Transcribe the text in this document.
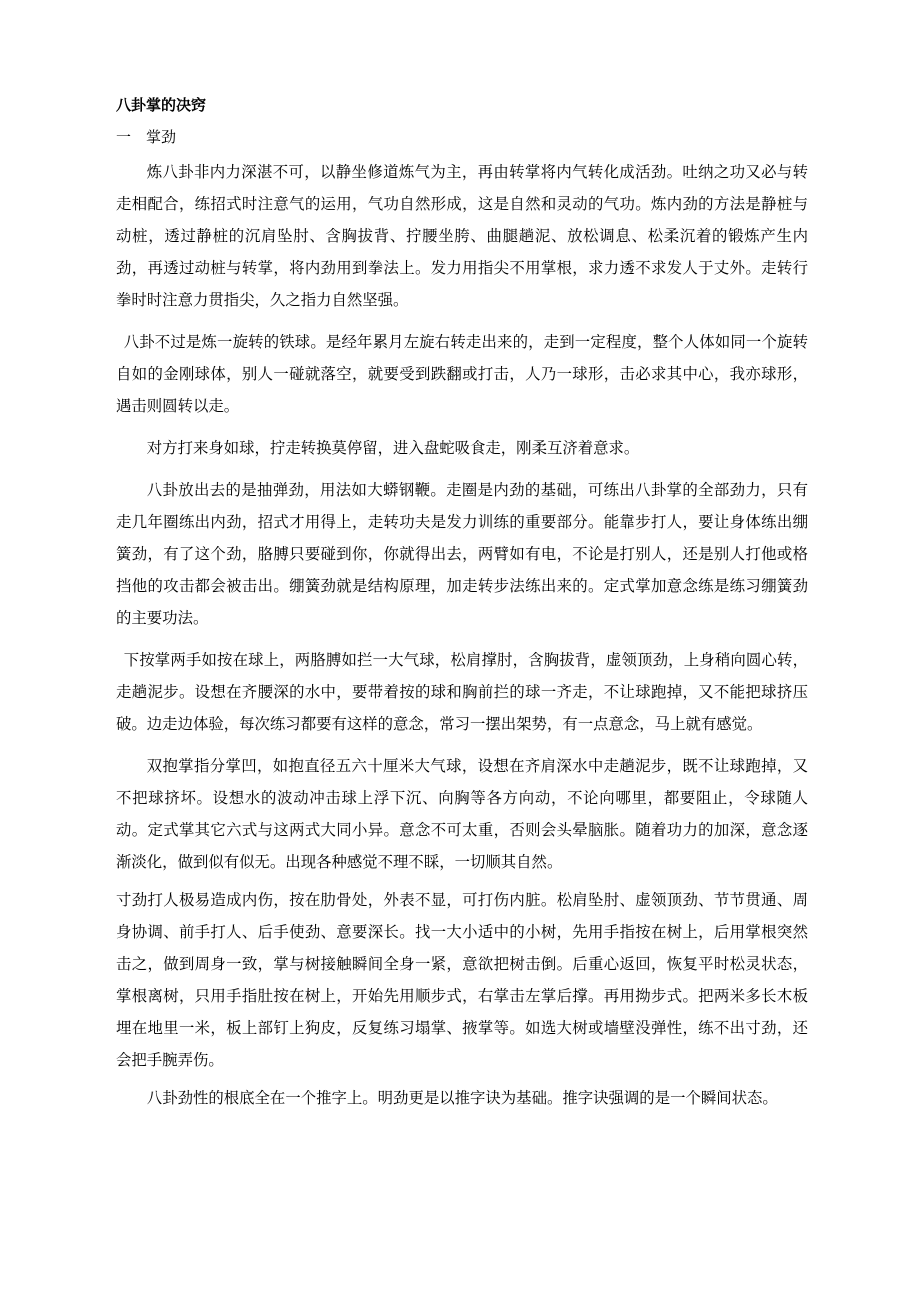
八卦掌的决窍
一　掌劲

炼八卦非内力深湛不可，以静坐修道炼气为主，再由转掌将内气转化成活劲。吐纳之功又必与转走相配合，练招式时注意气的运用，气功自然形成，这是自然和灵动的气功。炼内劲的方法是静桩与动桩，透过静桩的沉肩坠肘、含胸拔背、拧腰坐胯、曲腿趟泥、放松调息、松柔沉着的锻炼产生内劲，再透过动桩与转掌，将内劲用到拳法上。发力用指尖不用掌根，求力透不求发人于丈外。走转行拳时时注意力贯指尖，久之指力自然坚强。

八卦不过是炼一旋转的铁球。是经年累月左旋右转走出来的，走到一定程度，整个人体如同一个旋转自如的金刚球体，别人一碰就落空，就要受到跌翻或打击，人乃一球形，击必求其中心，我亦球形，遇击则圆转以走。

对方打来身如球，拧走转换莫停留，进入盘蛇吸食走，刚柔互济着意求。

八卦放出去的是抽弹劲，用法如大蟒钢鞭。走圈是内劲的基础，可练出八卦掌的全部劲力，只有走几年圈练出内劲，招式才用得上，走转功夫是发力训练的重要部分。能靠步打人，要让身体练出绷簧劲，有了这个劲，胳膊只要碰到你，你就得出去，两臂如有电，不论是打别人，还是别人打他或格挡他的攻击都会被击出。绷簧劲就是结构原理，加走转步法练出来的。定式掌加意念练是练习绷簧劲的主要功法。

下按掌两手如按在球上，两胳膊如拦一大气球，松肩撑肘，含胸拔背，虚领顶劲，上身稍向圆心转，走趟泥步。设想在齐腰深的水中，要带着按的球和胸前拦的球一齐走，不让球跑掉，又不能把球挤压破。边走边体验，每次练习都要有这样的意念，常习一摆出架势，有一点意念，马上就有感觉。

双抱掌指分掌凹，如抱直径五六十厘米大气球，设想在齐肩深水中走趟泥步，既不让球跑掉，又不把球挤坏。设想水的波动冲击球上浮下沉、向胸等各方向动，不论向哪里，都要阻止，令球随人动。定式掌其它六式与这两式大同小异。意念不可太重，否则会头晕脑胀。随着功力的加深，意念逐渐淡化，做到似有似无。出现各种感觉不理不睬，一切顺其自然。

寸劲打人极易造成内伤，按在肋骨处，外表不显，可打伤内脏。松肩坠肘、虚领顶劲、节节贯通、周身协调、前手打人、后手使劲、意要深长。找一大小适中的小树，先用手指按在树上，后用掌根突然击之，做到周身一致，掌与树接触瞬间全身一紧，意欲把树击倒。后重心返回，恢复平时松灵状态，掌根离树，只用手指肚按在树上，开始先用顺步式，右掌击左掌后撑。再用拗步式。把两米多长木板埋在地里一米，板上部钉上狗皮，反复练习塌掌、掖掌等。如选大树或墙壁没弹性，练不出寸劲，还会把手腕弄伤。

八卦劲性的根底全在一个推字上。明劲更是以推字诀为基础。推字诀强调的是一个瞬间状态。
